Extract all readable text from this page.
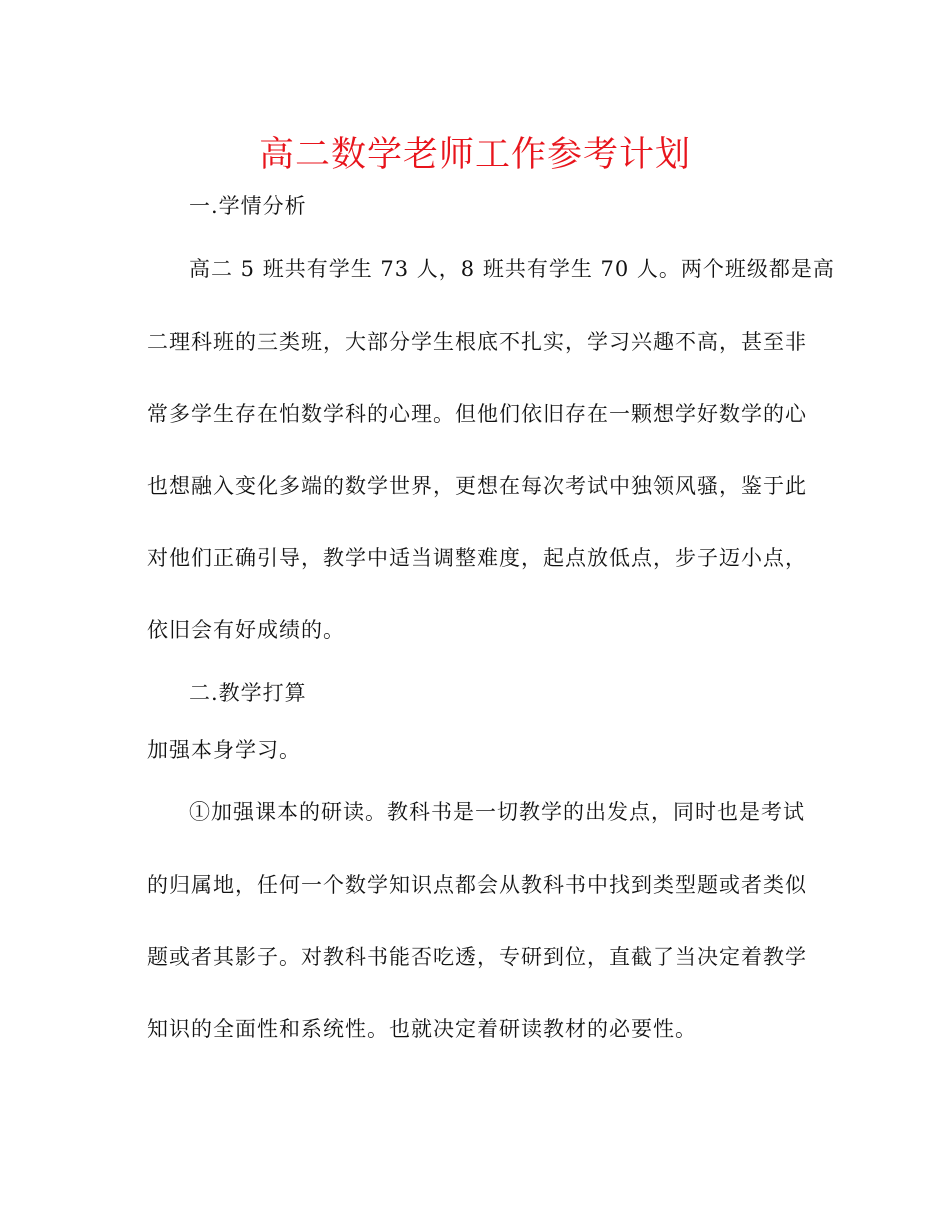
高二数学老师工作参考计划
一.学情分析
高二 5 班共有学生 73 人，8 班共有学生 70 人。两个班级都是高
二理科班的三类班，大部分学生根底不扎实，学习兴趣不高，甚至非
常多学生存在怕数学科的心理。但他们依旧存在一颗想学好数学的心
也想融入变化多端的数学世界，更想在每次考试中独领风骚，鉴于此
对他们正确引导，教学中适当调整难度，起点放低点，步子迈小点，
依旧会有好成绩的。
二.教学打算
加强本身学习。
①加强课本的研读。教科书是一切教学的出发点，同时也是考试
的归属地，任何一个数学知识点都会从教科书中找到类型题或者类似
题或者其影子。对教科书能否吃透，专研到位，直截了当决定着教学
知识的全面性和系统性。也就决定着研读教材的必要性。
